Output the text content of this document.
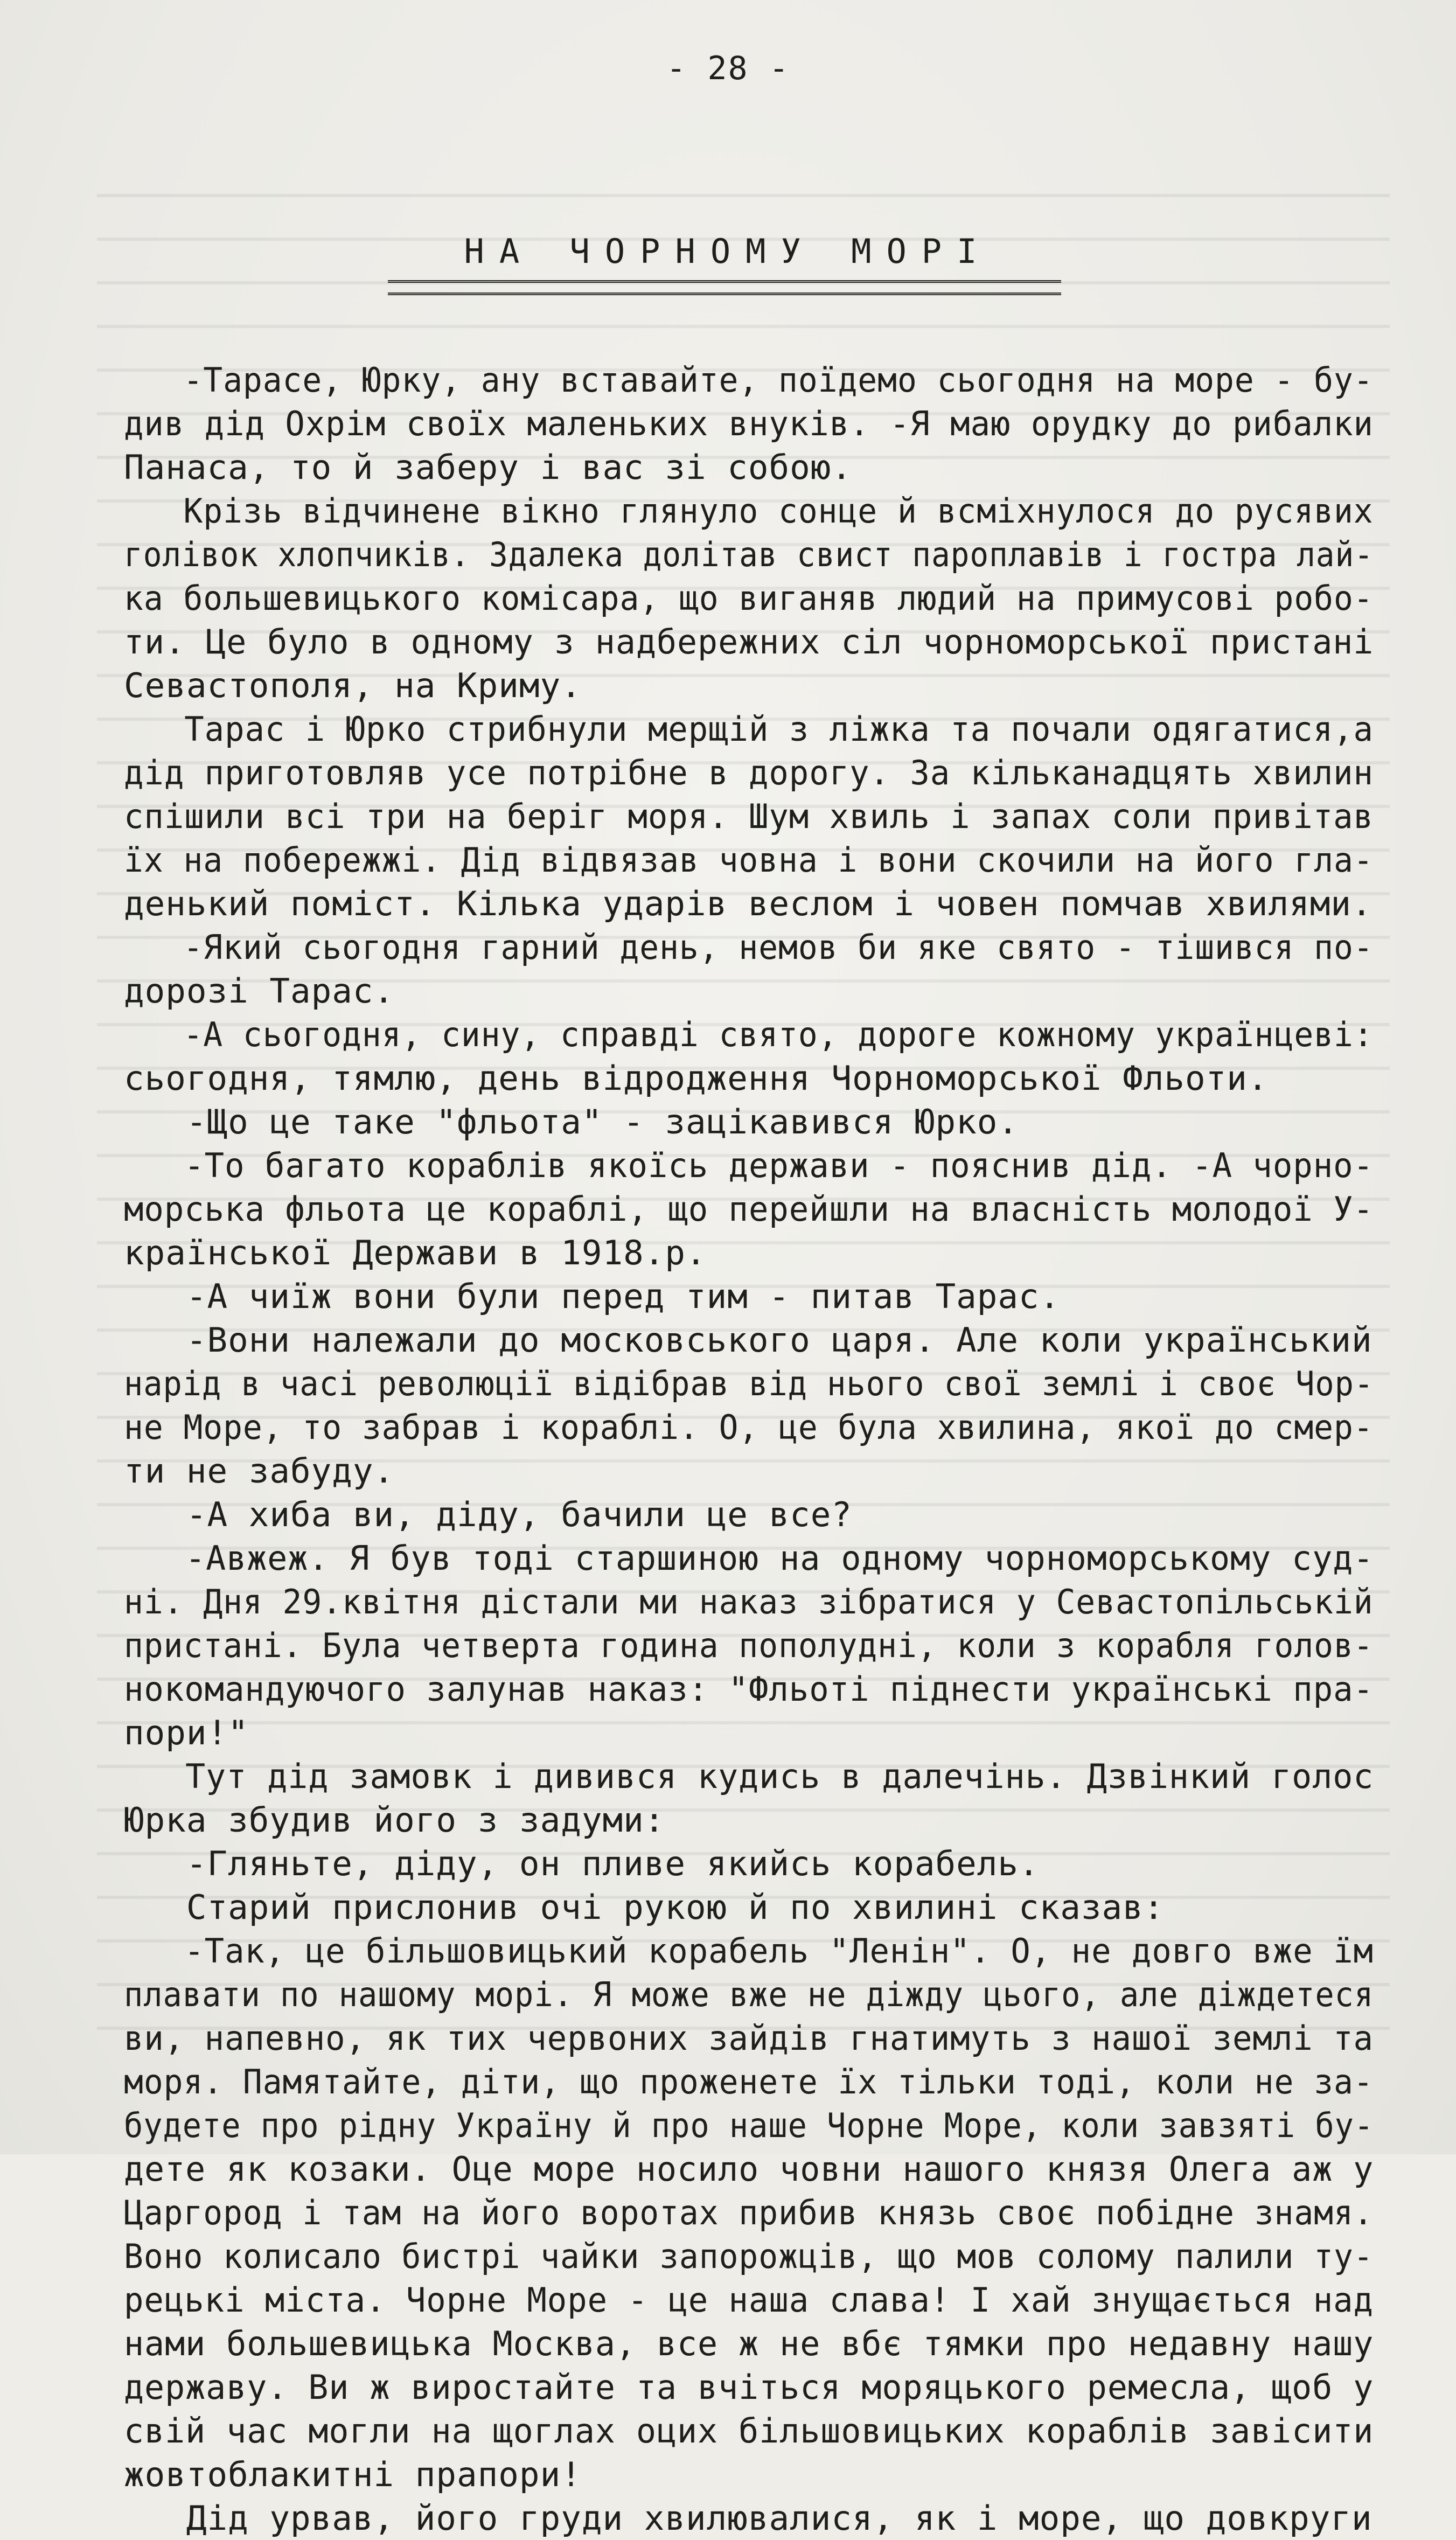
- 28 -
НА ЧОРНОМУ МОРІ
-Тарасе, Юрку, ану вставайте, поїдемо сьогодня на море - бу-
див дід Охрім своїх маленьких внуків. -Я маю орудку до рибалки
Панаса, то й заберу і вас зі собою.
Крізь відчинене вікно глянуло сонце й всміхнулося до русявих
голівок хлопчиків. Здалека долітав свист пароплавів і гостра лай-
ка большевицького комісара, що виганяв людий на примусові робо-
ти. Це було в одному з надбережних сіл чорноморської пристані
Севастополя, на Криму.
Тарас і Юрко стрибнули мерщій з ліжка та почали одягатися,а
дід приготовляв усе потрібне в дорогу. За кільканадцять хвилин
спішили всі три на беріг моря. Шум хвиль і запах соли привітав
їх на побережжі. Дід відвязав човна і вони скочили на його гла-
денький поміст. Кілька ударів веслом і човен помчав хвилями.
-Який сьогодня гарний день, немов би яке свято - тішився по-
дорозі Тарас.
-А сьогодня, сину, справді свято, дороге кожному українцеві:
сьогодня, тямлю, день відродження Чорноморської Фльоти.
-Що це таке "фльота" - зацікавився Юрко.
-То багато кораблів якоїсь держави - пояснив дід. -А чорно-
морська фльота це кораблі, що перейшли на власність молодої У-
країнської Держави в 1918.р.
-А чиїж вони були перед тим - питав Тарас.
-Вони належали до московського царя. Але коли український
нарід в часі революції відібрав від нього свої землі і своє Чор-
не Море, то забрав і кораблі. О, це була хвилина, якої до смер-
ти не забуду.
-А хиба ви, діду, бачили це все?
-Авжеж. Я був тоді старшиною на одному чорноморському суд-
ні. Дня 29.квітня дістали ми наказ зібратися у Севастопільській
пристані. Була четверта година пополудні, коли з корабля голов-
нокомандуючого залунав наказ: "Фльоті піднести українські пра-
пори!"
Тут дід замовк і дивився кудись в далечінь. Дзвінкий голос
Юрка збудив його з задуми:
-Гляньте, діду, он пливе якийсь корабель.
Старий прислонив очі рукою й по хвилині сказав:
-Так, це більшовицький корабель "Ленін". О, не довго вже їм
плавати по нашому морі. Я може вже не діжду цього, але діждетеся
ви, напевно, як тих червоних зайдів гнатимуть з нашої землі та
моря. Памятайте, діти, що проженете їх тільки тоді, коли не за-
будете про рідну Україну й про наше Чорне Море, коли завзяті бу-
дете як козаки. Оце море носило човни нашого князя Олега аж у
Царгород і там на його воротах прибив князь своє побідне знамя.
Воно колисало бистрі чайки запорожців, що мов солому палили ту-
рецькі міста. Чорне Море - це наша слава! І хай знущається над
нами большевицька Москва, все ж не вбє тямки про недавну нашу
державу. Ви ж виростайте та вчіться моряцького ремесла, щоб у
свій час могли на щоглах оцих більшовицьких кораблів завісити
жовтоблакитні прапори!
Дід урвав, його груди хвилювалися, як і море, що довкруги
